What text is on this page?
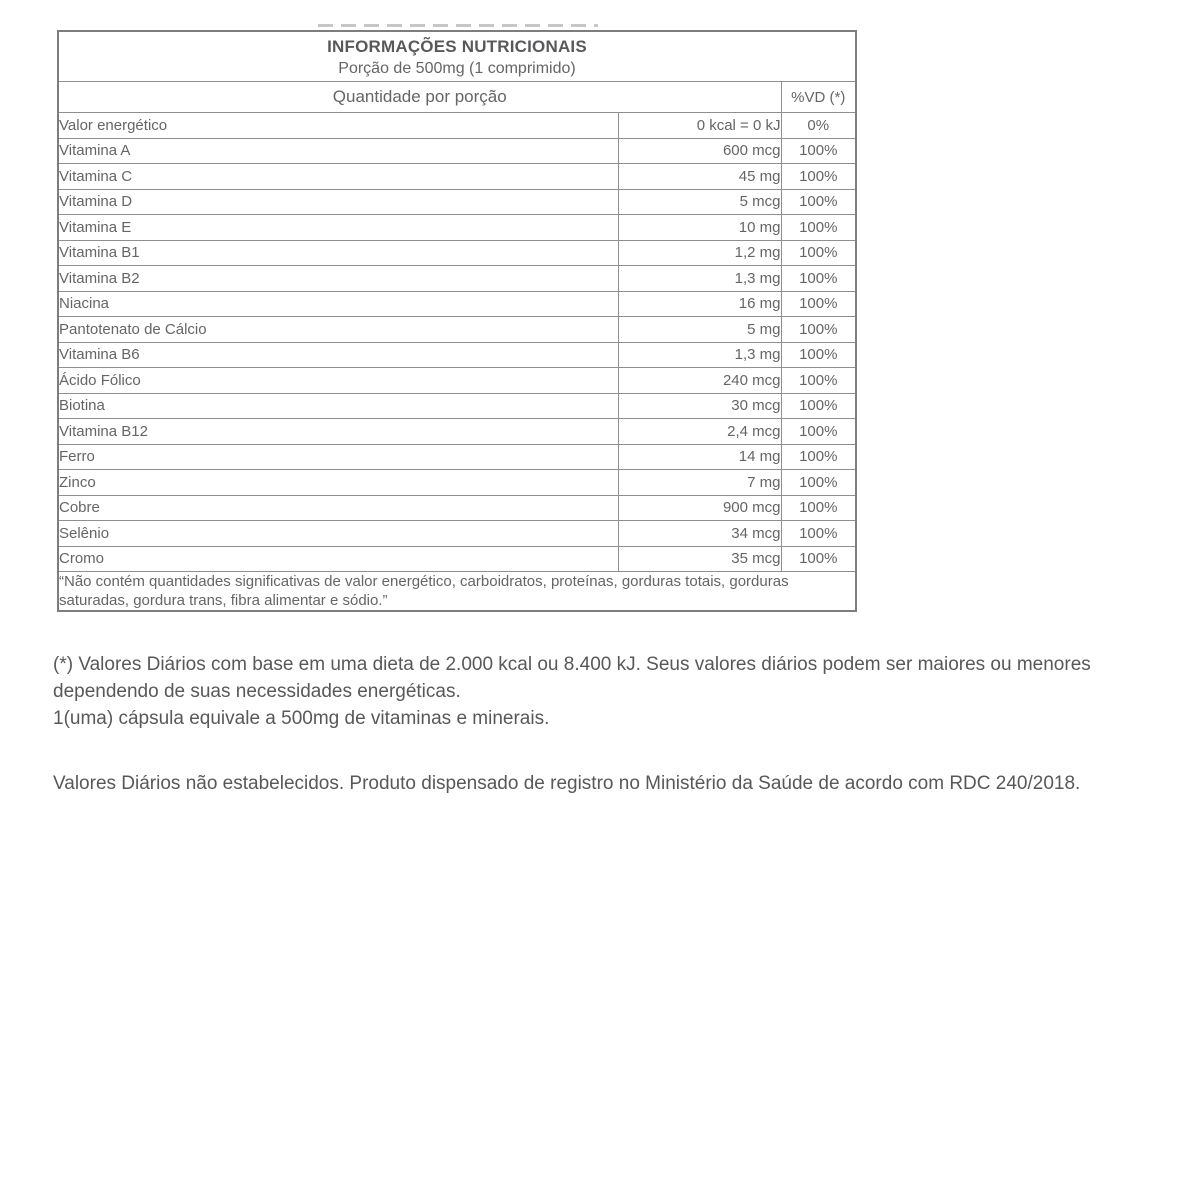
INFORMAÇÕES NUTRICIONAIS
Porção de 500mg (1 comprimido)		

Quantidade por porção		%VD (*)
Valor energético	0 kcal = 0 kJ	0%
Vitamina A	600 mcg	100%
Vitamina C	45 mg	100%
Vitamina D	5 mcg	100%
Vitamina E	10 mg	100%
Vitamina B1	1,2 mg	100%
Vitamina B2	1,3 mg	100%
Niacina	16 mg	100%
Pantotenato de Cálcio	5 mg	100%
Vitamina B6	1,3 mg	100%
Ácido Fólico	240 mcg	100%
Biotina	30 mcg	100%
Vitamina B12	2,4 mcg	100%
Ferro	14 mg	100%
Zinco	7 mg	100%
Cobre	900 mcg	100%
Selênio	34 mcg	100%
Cromo	35 mcg	100%
“Não contém quantidades significativas de valor energético, carboidratos, proteínas, gorduras totais, gorduras saturadas, gordura trans, fibra alimentar e sódio.”		
(*) Valores Diários com base em uma dieta de 2.000 kcal ou 8.400 kJ. Seus valores diários podem ser maiores ou menores
dependendo de suas necessidades energéticas.
1(uma) cápsula equivale a 500mg de vitaminas e minerais.
Valores Diários não estabelecidos. Produto dispensado de registro no Ministério da Saúde de acordo com RDC 240/2018.
